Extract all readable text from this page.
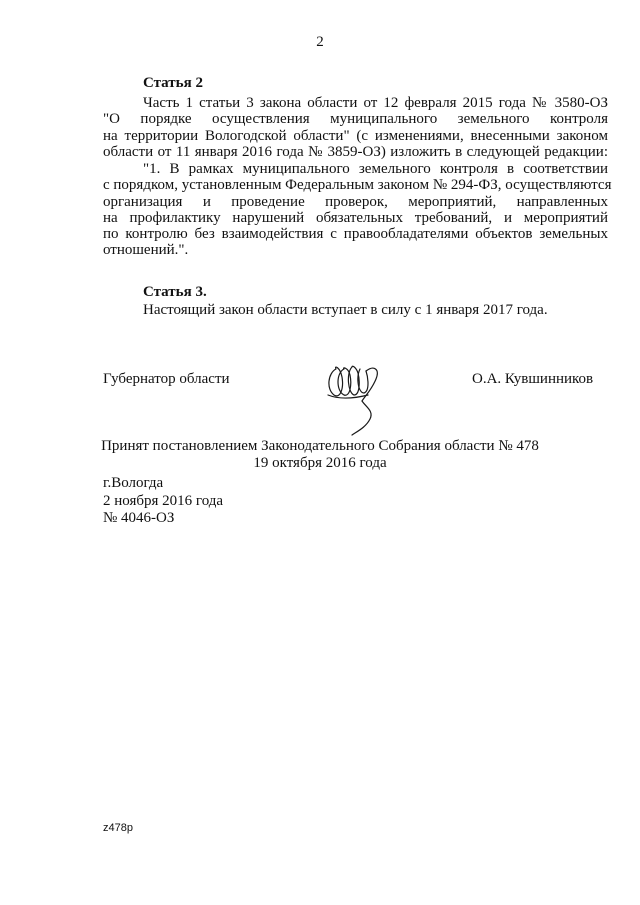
2
Статья 2
Часть 1 статьи 3 закона области от 12 февраля 2015 года № 3580-ОЗ
"О порядке осуществления муниципального земельного контроля
на территории Вологодской области" (с изменениями, внесенными законом
области от 11 января 2016 года № 3859-ОЗ) изложить в следующей редакции:
"1. В рамках муниципального земельного контроля в соответствии
с порядком, установленным Федеральным законом № 294-ФЗ, осуществляются
организация и проведение проверок, мероприятий, направленных
на профилактику нарушений обязательных требований, и мероприятий
по контролю без взаимодействия с правообладателями объектов земельных
отношений.".
Статья 3.
Настоящий закон области вступает в силу с 1 января 2017 года.
Губернатор области	О.А. Кувшинников
Принят постановлением Законодательного Собрания области № 478
19 октября 2016 года
г.Вологда
2 ноября 2016 года
№ 4046-ОЗ
z478p
